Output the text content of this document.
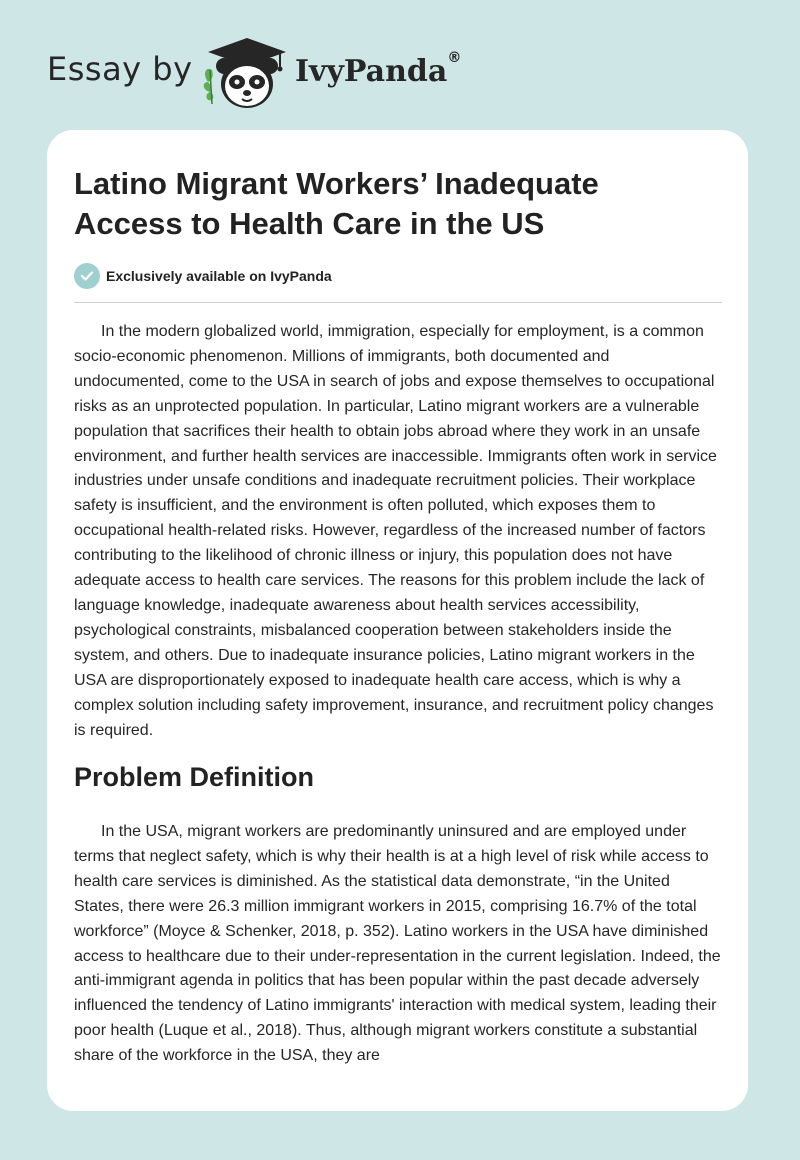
Essay by	IvyPanda®
Latino Migrant Workers’ Inadequate Access to Health Care in the US
Exclusively available on IvyPanda

In the modern globalized world, immigration, especially for employment, is a common socio-economic phenomenon. Millions of immigrants, both documented and undocumented, come to the USA in search of jobs and expose themselves to occupational risks as an unprotected population. In particular, Latino migrant workers are a vulnerable population that sacrifices their health to obtain jobs abroad where they work in an unsafe environment, and further health services are inaccessible. Immigrants often work in service industries under unsafe conditions and inadequate recruitment policies. Their workplace safety is insufficient, and the environment is often polluted, which exposes them to occupational health-related risks. However, regardless of the increased number of factors contributing to the likelihood of chronic illness or injury, this population does not have adequate access to health care services. The reasons for this problem include the lack of language knowledge, inadequate awareness about health services accessibility, psychological constraints, misbalanced cooperation between stakeholders inside the system, and others. Due to inadequate insurance policies, Latino migrant workers in the USA are disproportionately exposed to inadequate health care access, which is why a complex solution including safety improvement, insurance, and recruitment policy changes is required.

Problem Definition

In the USA, migrant workers are predominantly uninsured and are employed under terms that neglect safety, which is why their health is at a high level of risk while access to health care services is diminished. As the statistical data demonstrate, “in the United States, there were 26.3 million immigrant workers in 2015, comprising 16.7% of the total workforce” (Moyce & Schenker, 2018, p. 352). Latino workers in the USA have diminished access to healthcare due to their under-representation in the current legislation. Indeed, the anti-immigrant agenda in politics that has been popular within the past decade adversely influenced the tendency of Latino immigrants' interaction with medical system, leading their poor health (Luque et al., 2018). Thus, although migrant workers constitute a substantial share of the workforce in the USA, they are
